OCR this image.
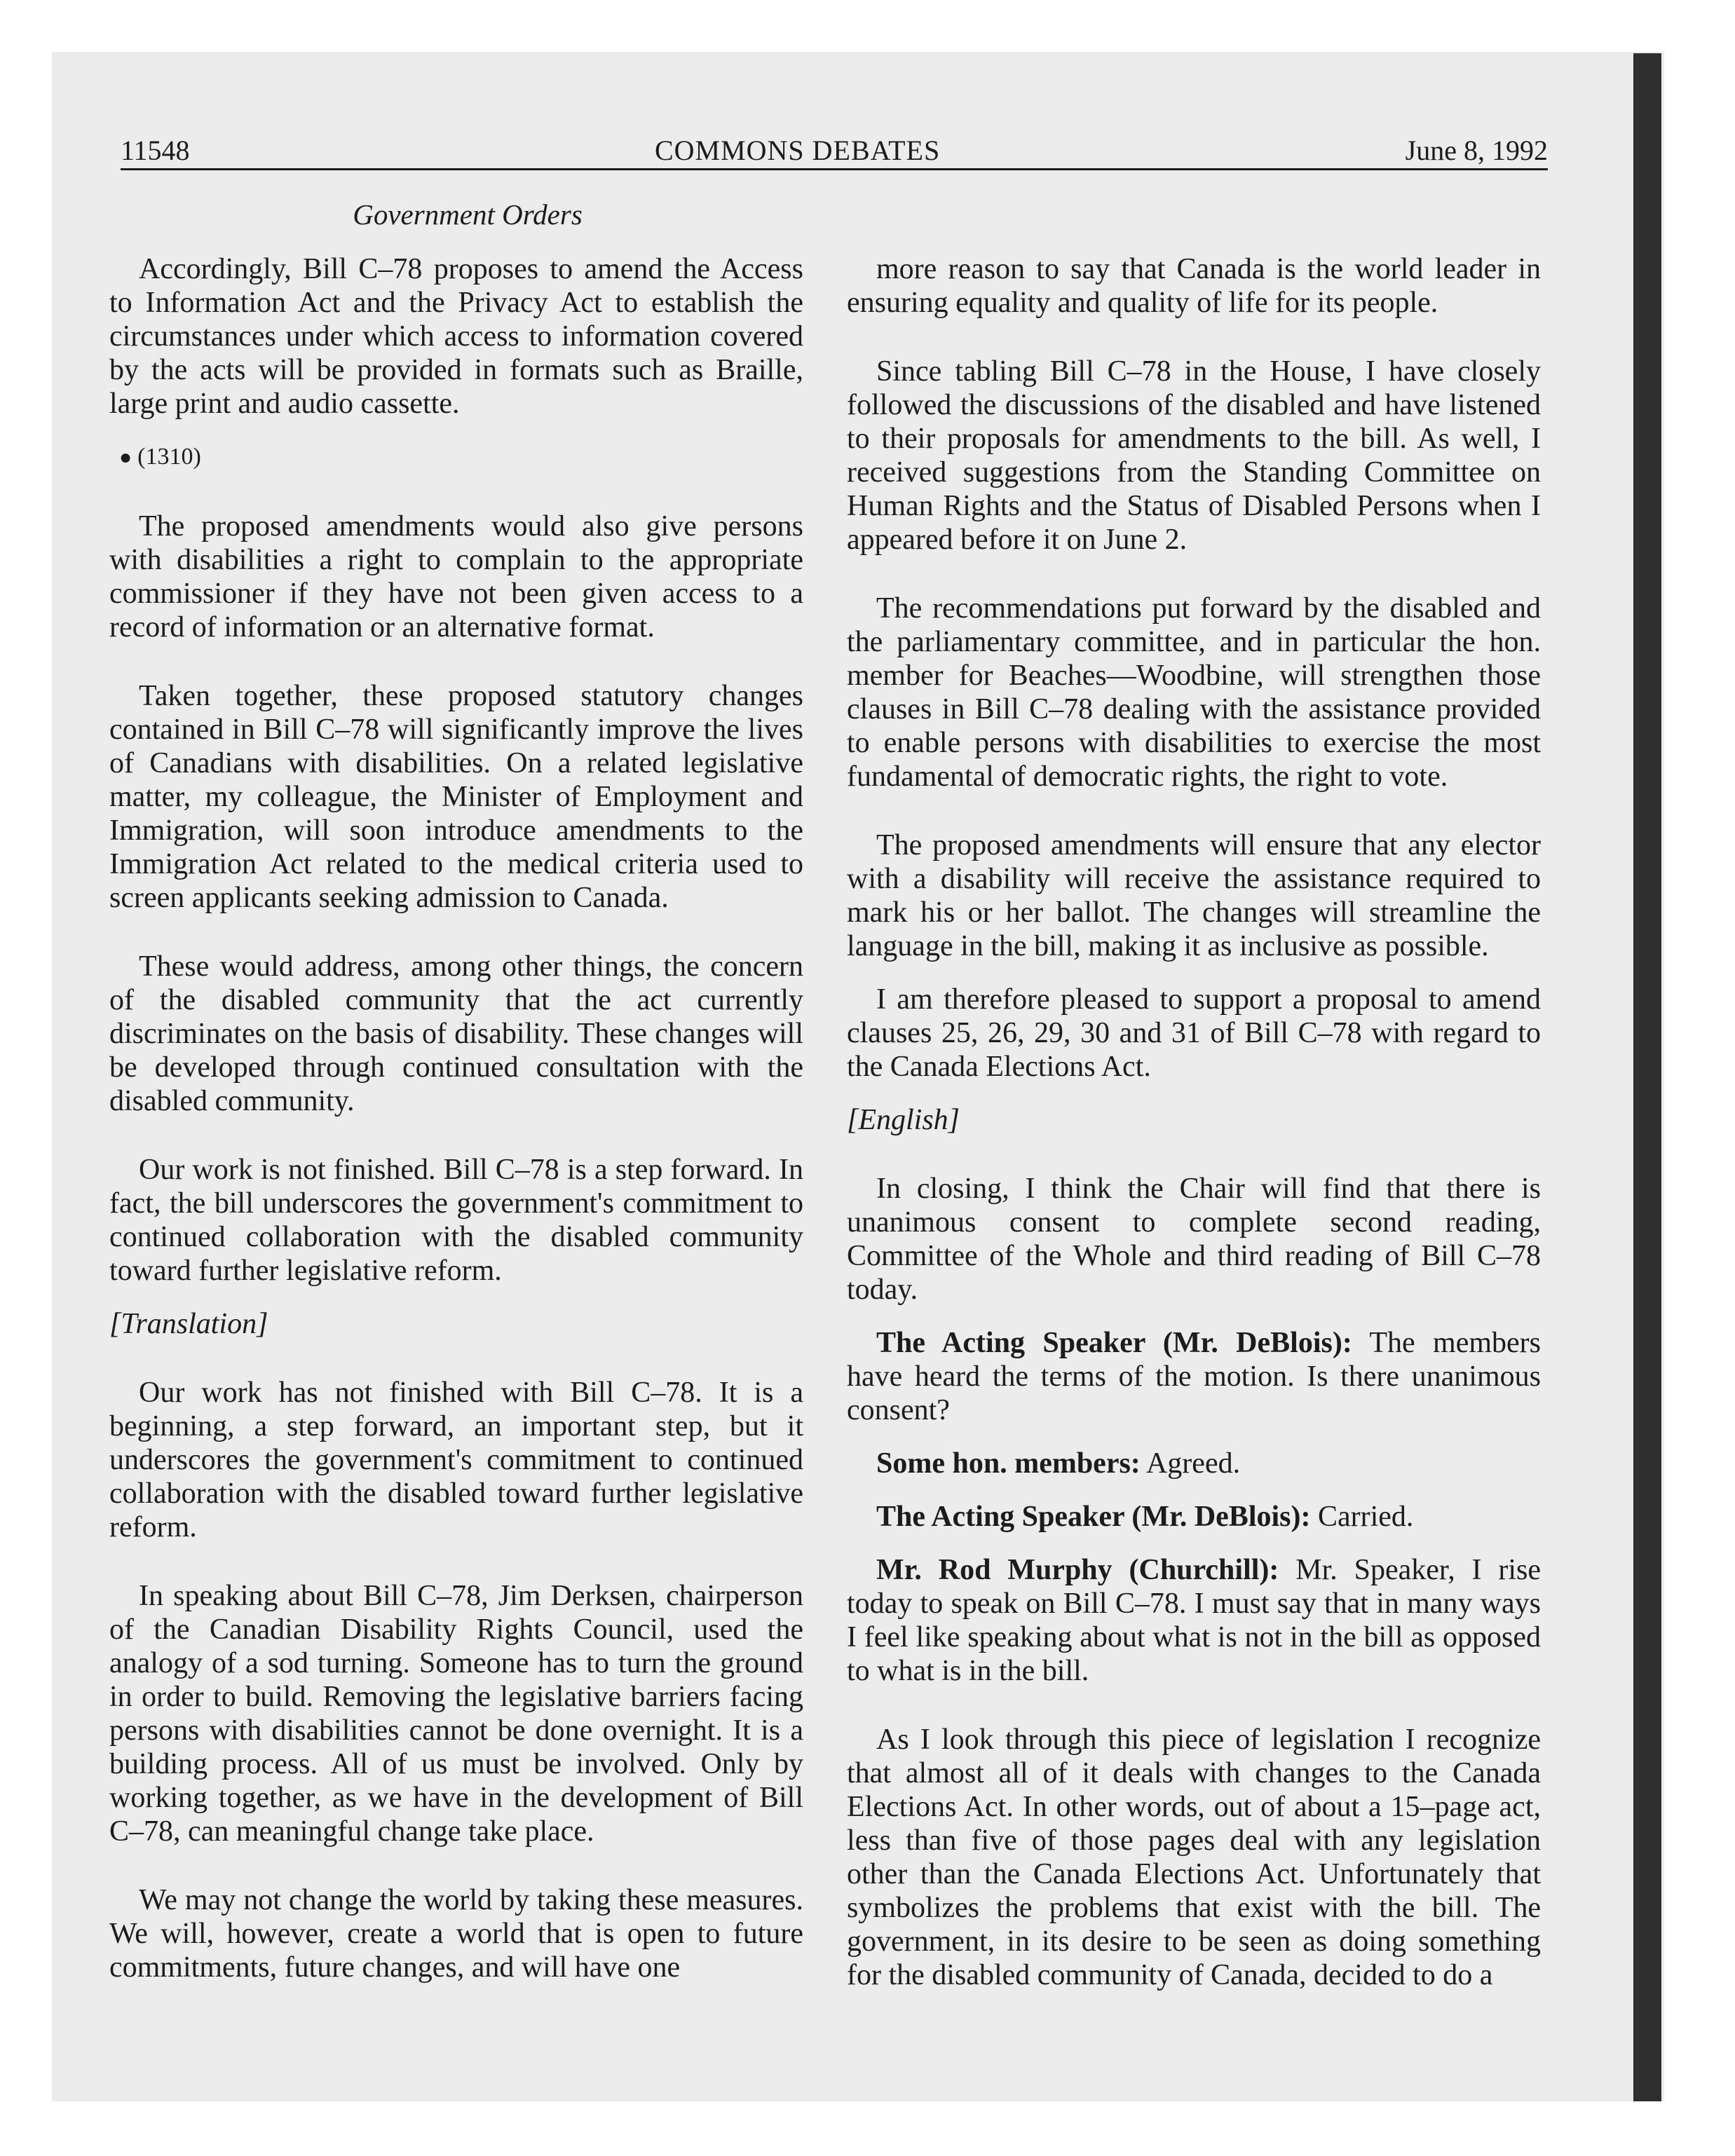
11548	COMMONS DEBATES	June 8, 1992
Government Orders

Accordingly, Bill C–78 proposes to amend the Access to Information Act and the Privacy Act to establish the circumstances under which access to information covered by the acts will be provided in formats such as Braille, large print and audio cassette.

● (1310)

The proposed amendments would also give persons with disabilities a right to complain to the appropriate commissioner if they have not been given access to a record of information or an alternative format.

Taken together, these proposed statutory changes contained in Bill C–78 will significantly improve the lives of Canadians with disabilities. On a related legislative matter, my colleague, the Minister of Employment and Immigration, will soon introduce amendments to the Immigration Act related to the medical criteria used to screen applicants seeking admission to Canada.

These would address, among other things, the concern of the disabled community that the act currently discriminates on the basis of disability. These changes will be developed through continued consultation with the disabled community.

Our work is not finished. Bill C–78 is a step forward. In fact, the bill underscores the government's commitment to continued collaboration with the disabled community toward further legislative reform.

[Translation]

Our work has not finished with Bill C–78. It is a beginning, a step forward, an important step, but it underscores the government's commitment to continued collaboration with the disabled toward further legislative reform.

In speaking about Bill C–78, Jim Derksen, chairperson of the Canadian Disability Rights Council, used the analogy of a sod turning. Someone has to turn the ground in order to build. Removing the legislative barriers facing persons with disabilities cannot be done overnight. It is a building process. All of us must be involved. Only by working together, as we have in the development of Bill C–78, can meaningful change take place.

We may not change the world by taking these measures. We will, however, create a world that is open to future commitments, future changes, and will have one

more reason to say that Canada is the world leader in ensuring equality and quality of life for its people.

Since tabling Bill C–78 in the House, I have closely followed the discussions of the disabled and have listened to their proposals for amendments to the bill. As well, I received suggestions from the Standing Committee on Human Rights and the Status of Disabled Persons when I appeared before it on June 2.

The recommendations put forward by the disabled and the parliamentary committee, and in particular the hon. member for Beaches—Woodbine, will strengthen those clauses in Bill C–78 dealing with the assistance provided to enable persons with disabilities to exercise the most fundamental of democratic rights, the right to vote.

The proposed amendments will ensure that any elector with a disability will receive the assistance required to mark his or her ballot. The changes will streamline the language in the bill, making it as inclusive as possible.

I am therefore pleased to support a proposal to amend clauses 25, 26, 29, 30 and 31 of Bill C–78 with regard to the Canada Elections Act.

[English]

In closing, I think the Chair will find that there is unanimous consent to complete second reading, Committee of the Whole and third reading of Bill C–78 today.

The Acting Speaker (Mr. DeBlois): The members have heard the terms of the motion. Is there unanimous consent?

Some hon. members: Agreed.

The Acting Speaker (Mr. DeBlois): Carried.

Mr. Rod Murphy (Churchill): Mr. Speaker, I rise today to speak on Bill C–78. I must say that in many ways I feel like speaking about what is not in the bill as opposed to what is in the bill.

As I look through this piece of legislation I recognize that almost all of it deals with changes to the Canada Elections Act. In other words, out of about a 15–page act, less than five of those pages deal with any legislation other than the Canada Elections Act. Unfortunately that symbolizes the problems that exist with the bill. The government, in its desire to be seen as doing something for the disabled community of Canada, decided to do a
